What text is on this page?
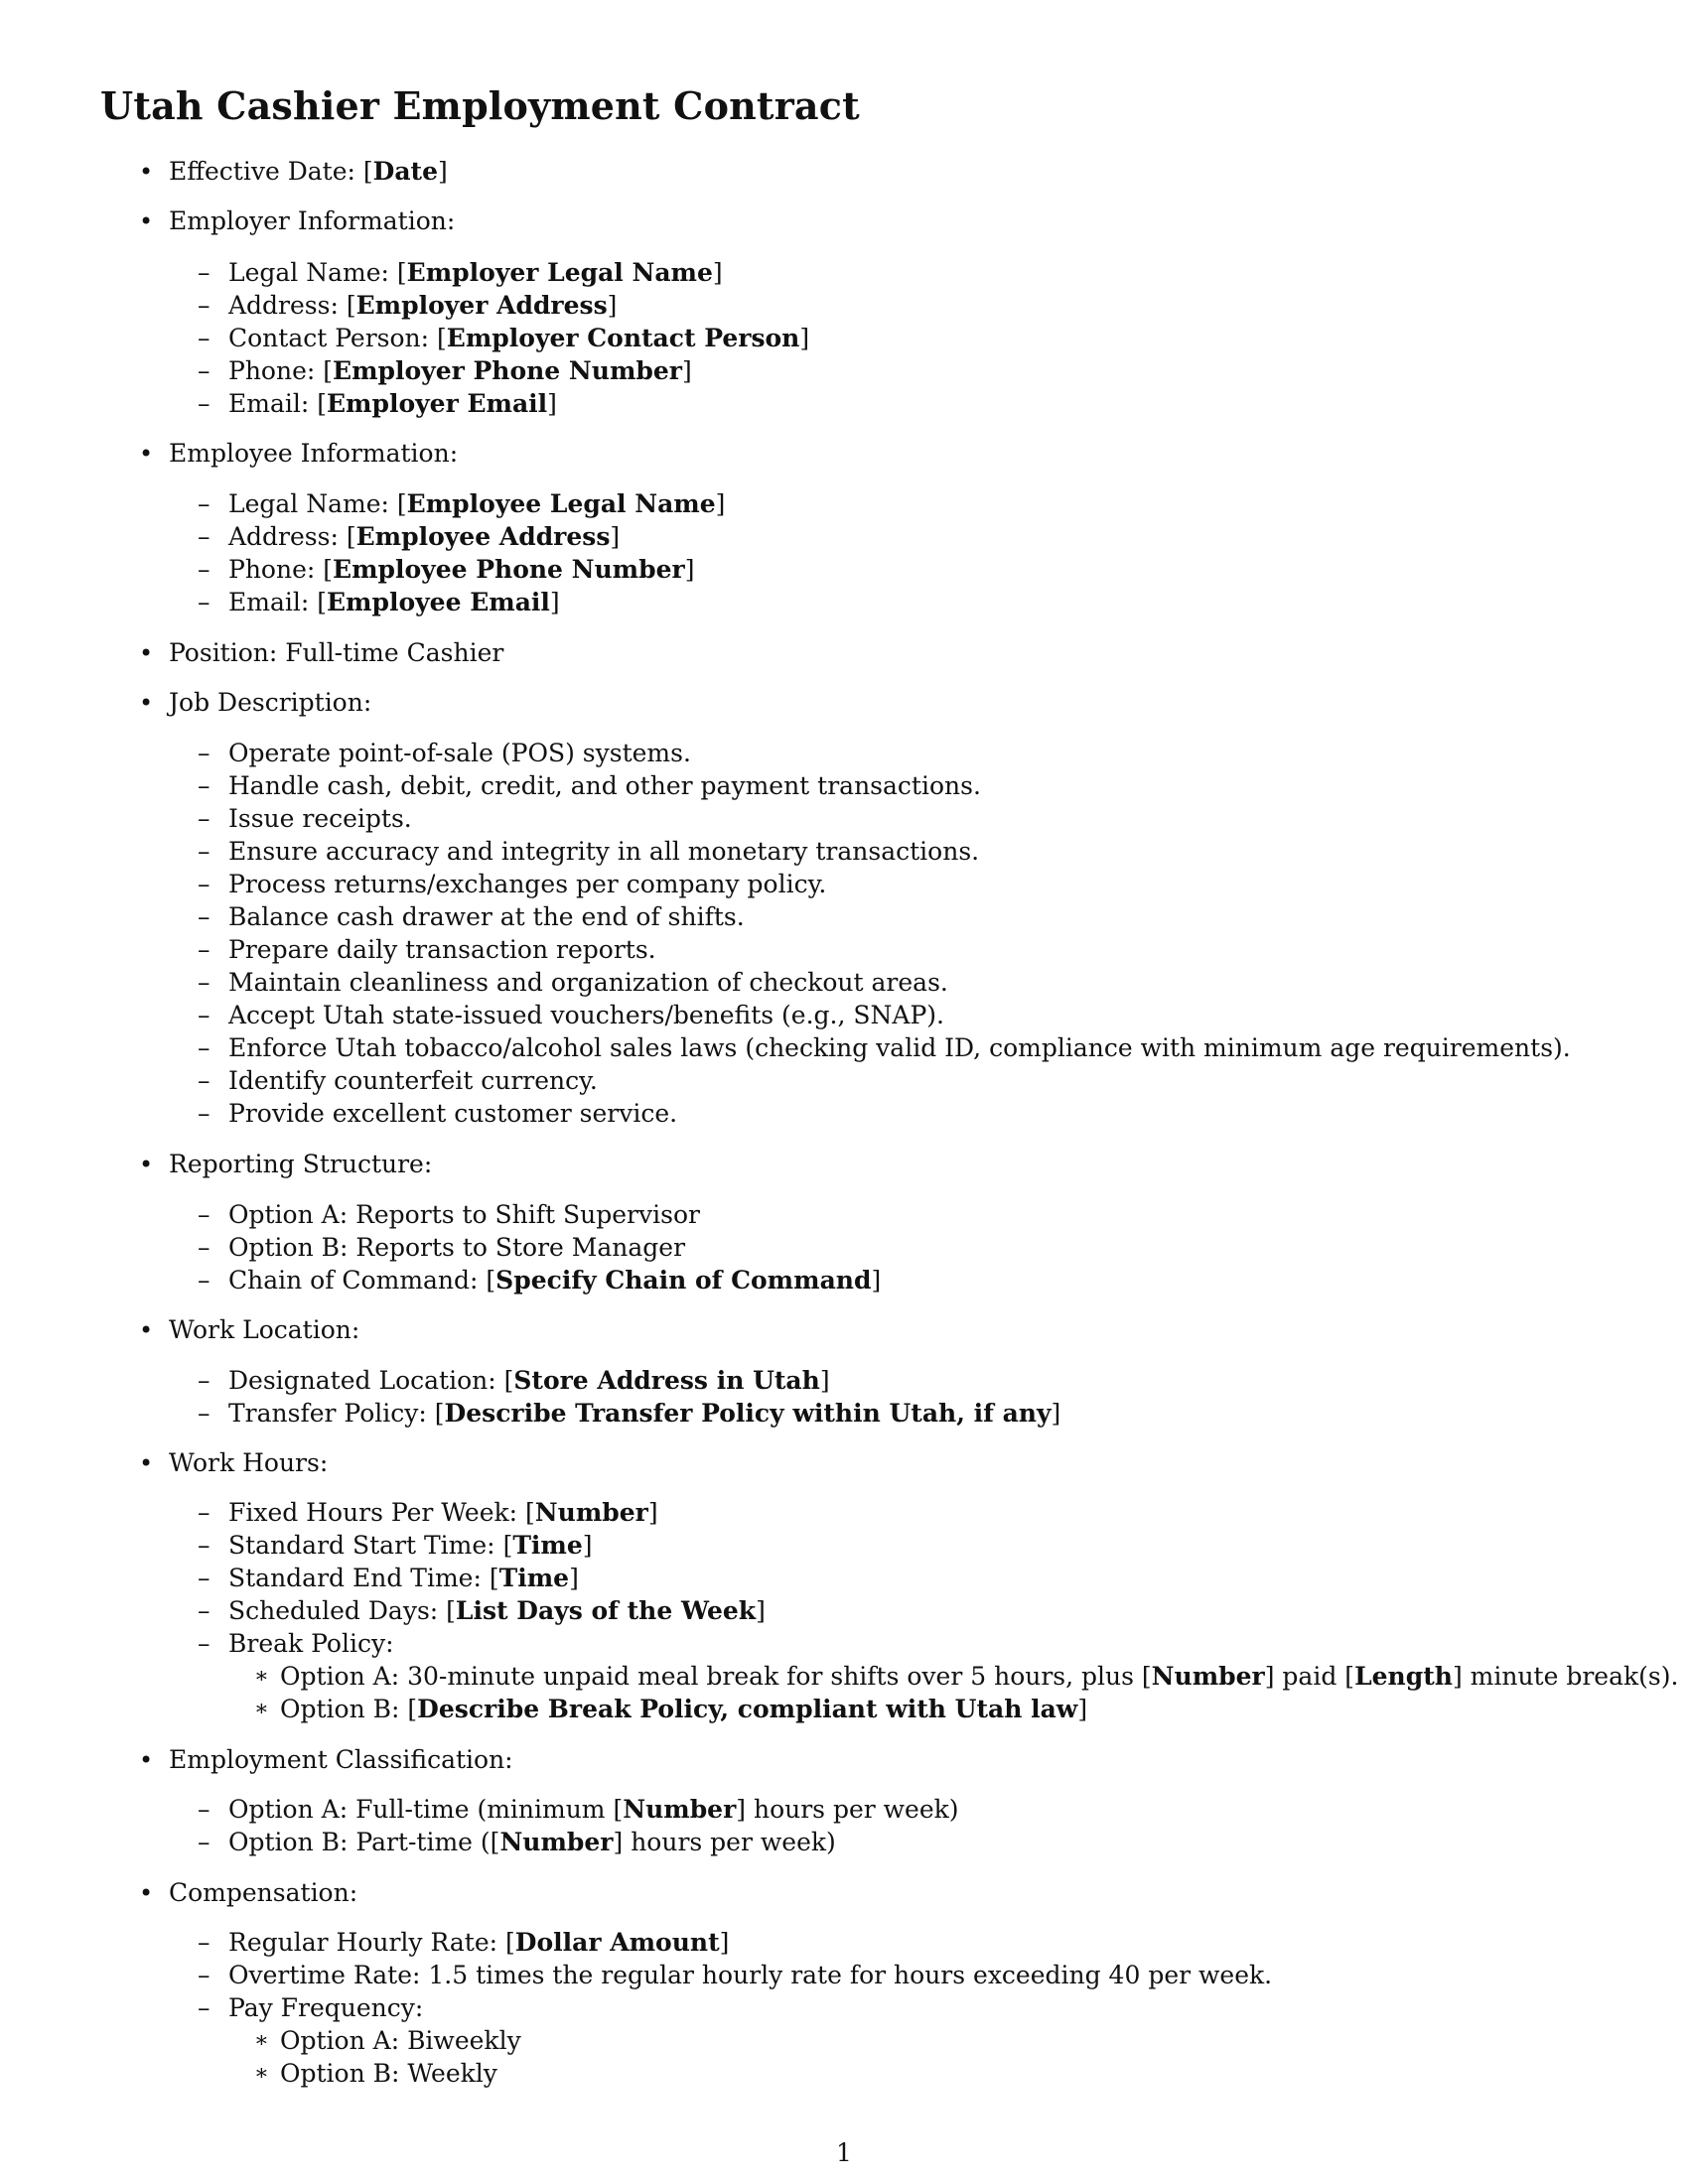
Utah Cashier Employment Contract
• Effective Date: [Date]
• Employer Information:
– Legal Name: [Employer Legal Name]
– Address: [Employer Address]
– Contact Person: [Employer Contact Person]
– Phone: [Employer Phone Number]
– Email: [Employer Email]
• Employee Information:
– Legal Name: [Employee Legal Name]
– Address: [Employee Address]
– Phone: [Employee Phone Number]
– Email: [Employee Email]
• Position: Full-time Cashier
• Job Description:
– Operate point-of-sale (POS) systems.
– Handle cash, debit, credit, and other payment transactions.
– Issue receipts.
– Ensure accuracy and integrity in all monetary transactions.
– Process returns/exchanges per company policy.
– Balance cash drawer at the end of shifts.
– Prepare daily transaction reports.
– Maintain cleanliness and organization of checkout areas.
– Accept Utah state-issued vouchers/benefits (e.g., SNAP).
– Enforce Utah tobacco/alcohol sales laws (checking valid ID, compliance with minimum age requirements).
– Identify counterfeit currency.
– Provide excellent customer service.
• Reporting Structure:
– Option A: Reports to Shift Supervisor
– Option B: Reports to Store Manager
– Chain of Command: [Specify Chain of Command]
• Work Location:
– Designated Location: [Store Address in Utah]
– Transfer Policy: [Describe Transfer Policy within Utah, if any]
• Work Hours:
– Fixed Hours Per Week: [Number]
– Standard Start Time: [Time]
– Standard End Time: [Time]
– Scheduled Days: [List Days of the Week]
– Break Policy:
∗ Option A: 30-minute unpaid meal break for shifts over 5 hours, plus [Number] paid [Length] minute break(s).
∗ Option B: [Describe Break Policy, compliant with Utah law]
• Employment Classification:
– Option A: Full-time (minimum [Number] hours per week)
– Option B: Part-time ([Number] hours per week)
• Compensation:
– Regular Hourly Rate: [Dollar Amount]
– Overtime Rate: 1.5 times the regular hourly rate for hours exceeding 40 per week.
– Pay Frequency:
∗ Option A: Biweekly
∗ Option B: Weekly
1
